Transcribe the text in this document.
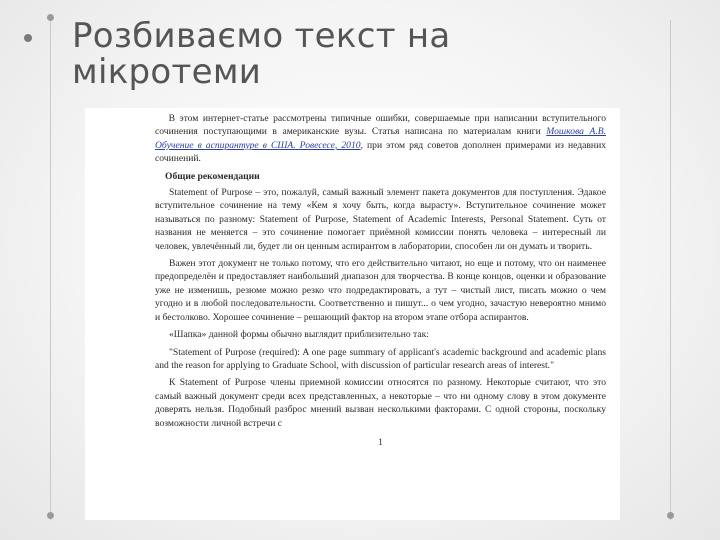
Розбиваємо текст на
мікротеми

В этом интернет-статье рассмотрены типичные ошибки, совершаемые при написании вступительного сочинения поступающими в американские вузы. Статья написана по материалам книги Мошкова А.В. Обучение в аспирантуре в США. Ровесесе, 2010, при этом ряд советов дополнен примерами из недавних сочинений.

Общие рекомендации

Statement of Purpose – это, пожалуй, самый важный элемент пакета документов для поступления. Эдакое вступительное сочинение на тему «Кем я хочу быть, когда вырасту». Вступительное сочинение может называться по разному: Statement of Purpose, Statement of Academic Interests, Personal Statement. Суть от названия не меняется – это сочинение помогает приёмной комиссии понять человека – интересный ли человек, увлечённый ли, будет ли он ценным аспирантом в лаборатории, способен ли он думать и творить.

Важен этот документ не только потому, что его действительно читают, но еще и потому, что он наименее предопределён и предоставляет наибольший диапазон для творчества. В конце концов, оценки и образование уже не изменишь, резюме можно резко что подредактировать, а тут – чистый лист, писать можно о чем угодно и в любой последовательности. Соответственно и пишут... о чем угодно, зачастую невероятно мнимо и бестолково. Хорошее сочинение – решающий фактор на втором этапе отбора аспирантов.

«Шапка» данной формы обычно выглядит приблизительно так:

"Statement of Purpose (required): A one page summary of applicant's academic background and academic plans and the reason for applying to Graduate School, with discussion of particular research areas of interest."

К Statement of Purpose члены приемной комиссии относятся по разному. Некоторые считают, что это самый важный документ среди всех представленных, а некоторые – что ни одному слову в этом документе доверять нельзя. Подобный разброс мнений вызван несколькими факторами. С одной стороны, поскольку возможности личной встречи с

1
